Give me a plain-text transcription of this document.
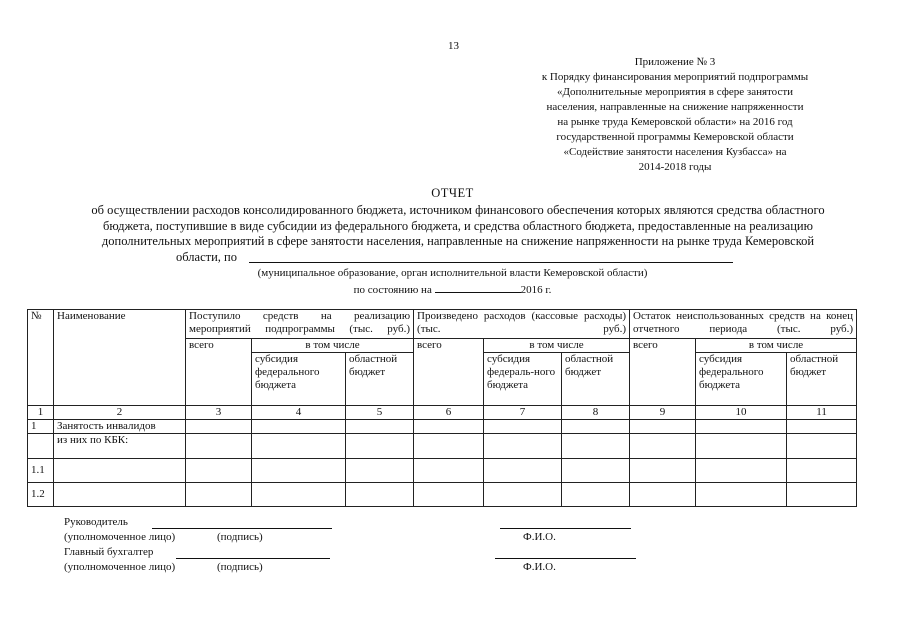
13
Приложение № 3
к Порядку финансирования мероприятий подпрограммы
«Дополнительные мероприятия в сфере занятости
населения, направленные на снижение напряженности
на рынке труда Кемеровской области» на 2016 год
государственной программы Кемеровской области
«Содействие занятости населения Кузбасса» на
2014-2018 годы
ОТЧЕТ
об осуществлении расходов консолидированного бюджета, источником финансового обеспечения которых являются средства областного
бюджета, поступившие в виде субсидии из федерального бюджета, и средства областного бюджета, предоставленные на реализацию
дополнительных мероприятий в сфере занятости населения, направленные на снижение напряженности на рынке труда Кемеровской
области, по
(муниципальное образование, орган исполнительной власти Кемеровской области)
по состоянию на	2016 г.
№	Наименование	Поступило средств на реализацию мероприятий подпрограммы (тыс. руб.)			Произведено расходов (кассовые расходы) (тыс. руб.)			Остаток неиспользованных средств на конец отчетного периода (тыс. руб.)		
		всего	в том числе		всего	в том числе		всего	в том числе	
			субсидия федерального бюджета	областной бюджет		субсидия федераль-ного бюджета	областной бюджет		субсидия федерального бюджета	областной бюджет
1	2	3	4	5	6	7	8	9	10	11
1	Занятость инвалидов									
	из них по КБК:									
1.1										
1.2										
Руководитель
(уполномоченное лицо)	(подпись)	Ф.И.О.
Главный бухгалтер
(уполномоченное лицо)	(подпись)	Ф.И.О.
